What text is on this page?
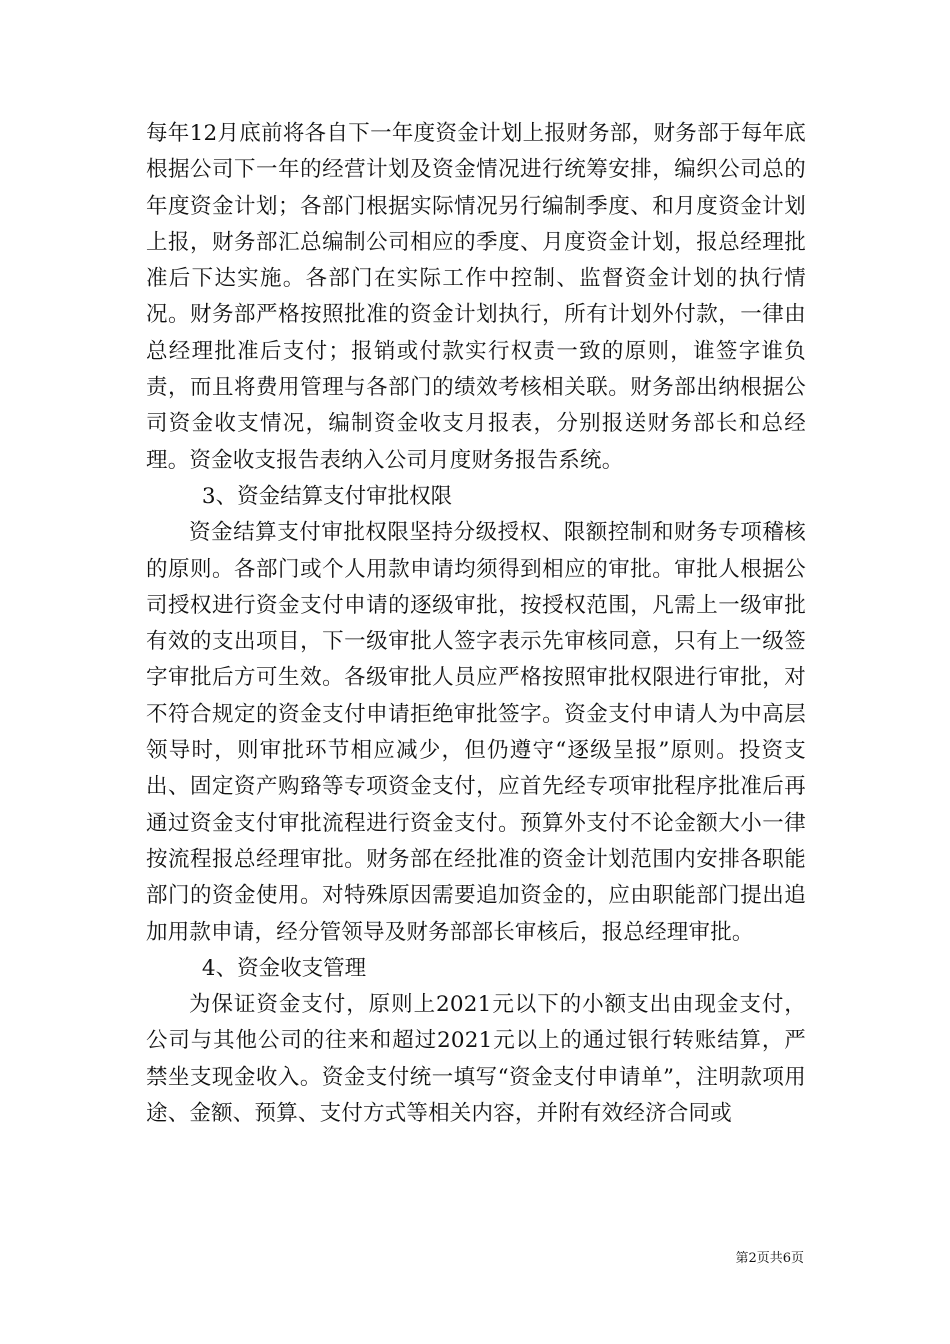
每年12月底前将各自下一年度资金计划上报财务部，财务部于每年底根据公司下一年的经营计划及资金情况进行统筹安排，编织公司总的年度资金计划；各部门根据实际情况另行编制季度、和月度资金计划上报，财务部汇总编制公司相应的季度、月度资金计划，报总经理批准后下达实施。各部门在实际工作中控制、监督资金计划的执行情况。财务部严格按照批准的资金计划执行，所有计划外付款，一律由总经理批准后支付；报销或付款实行权责一致的原则，谁签字谁负责，而且将费用管理与各部门的绩效考核相关联。财务部出纳根据公司资金收支情况，编制资金收支月报表，分别报送财务部长和总经理。资金收支报告表纳入公司月度财务报告系统。

3、资金结算支付审批权限

资金结算支付审批权限坚持分级授权、限额控制和财务专项稽核的原则。各部门或个人用款申请均须得到相应的审批。审批人根据公司授权进行资金支付申请的逐级审批，按授权范围，凡需上一级审批有效的支出项目，下一级审批人签字表示先审核同意，只有上一级签字审批后方可生效。各级审批人员应严格按照审批权限进行审批，对不符合规定的资金支付申请拒绝审批签字。资金支付申请人为中高层领导时，则审批环节相应减少，但仍遵守“逐级呈报”原则。投资支出、固定资产购臵等专项资金支付，应首先经专项审批程序批准后再通过资金支付审批流程进行资金支付。预算外支付不论金额大小一律按流程报总经理审批。财务部在经批准的资金计划范围内安排各职能部门的资金使用。对特殊原因需要追加资金的，应由职能部门提出追加用款申请，经分管领导及财务部部长审核后，报总经理审批。

4、资金收支管理

为保证资金支付，原则上2021元以下的小额支出由现金支付，公司与其他公司的往来和超过2021元以上的通过银行转账结算，严禁坐支现金收入。资金支付统一填写“资金支付申请单”，注明款项用途、金额、预算、支付方式等相关内容，并附有效经济合同或

第2页共6页
